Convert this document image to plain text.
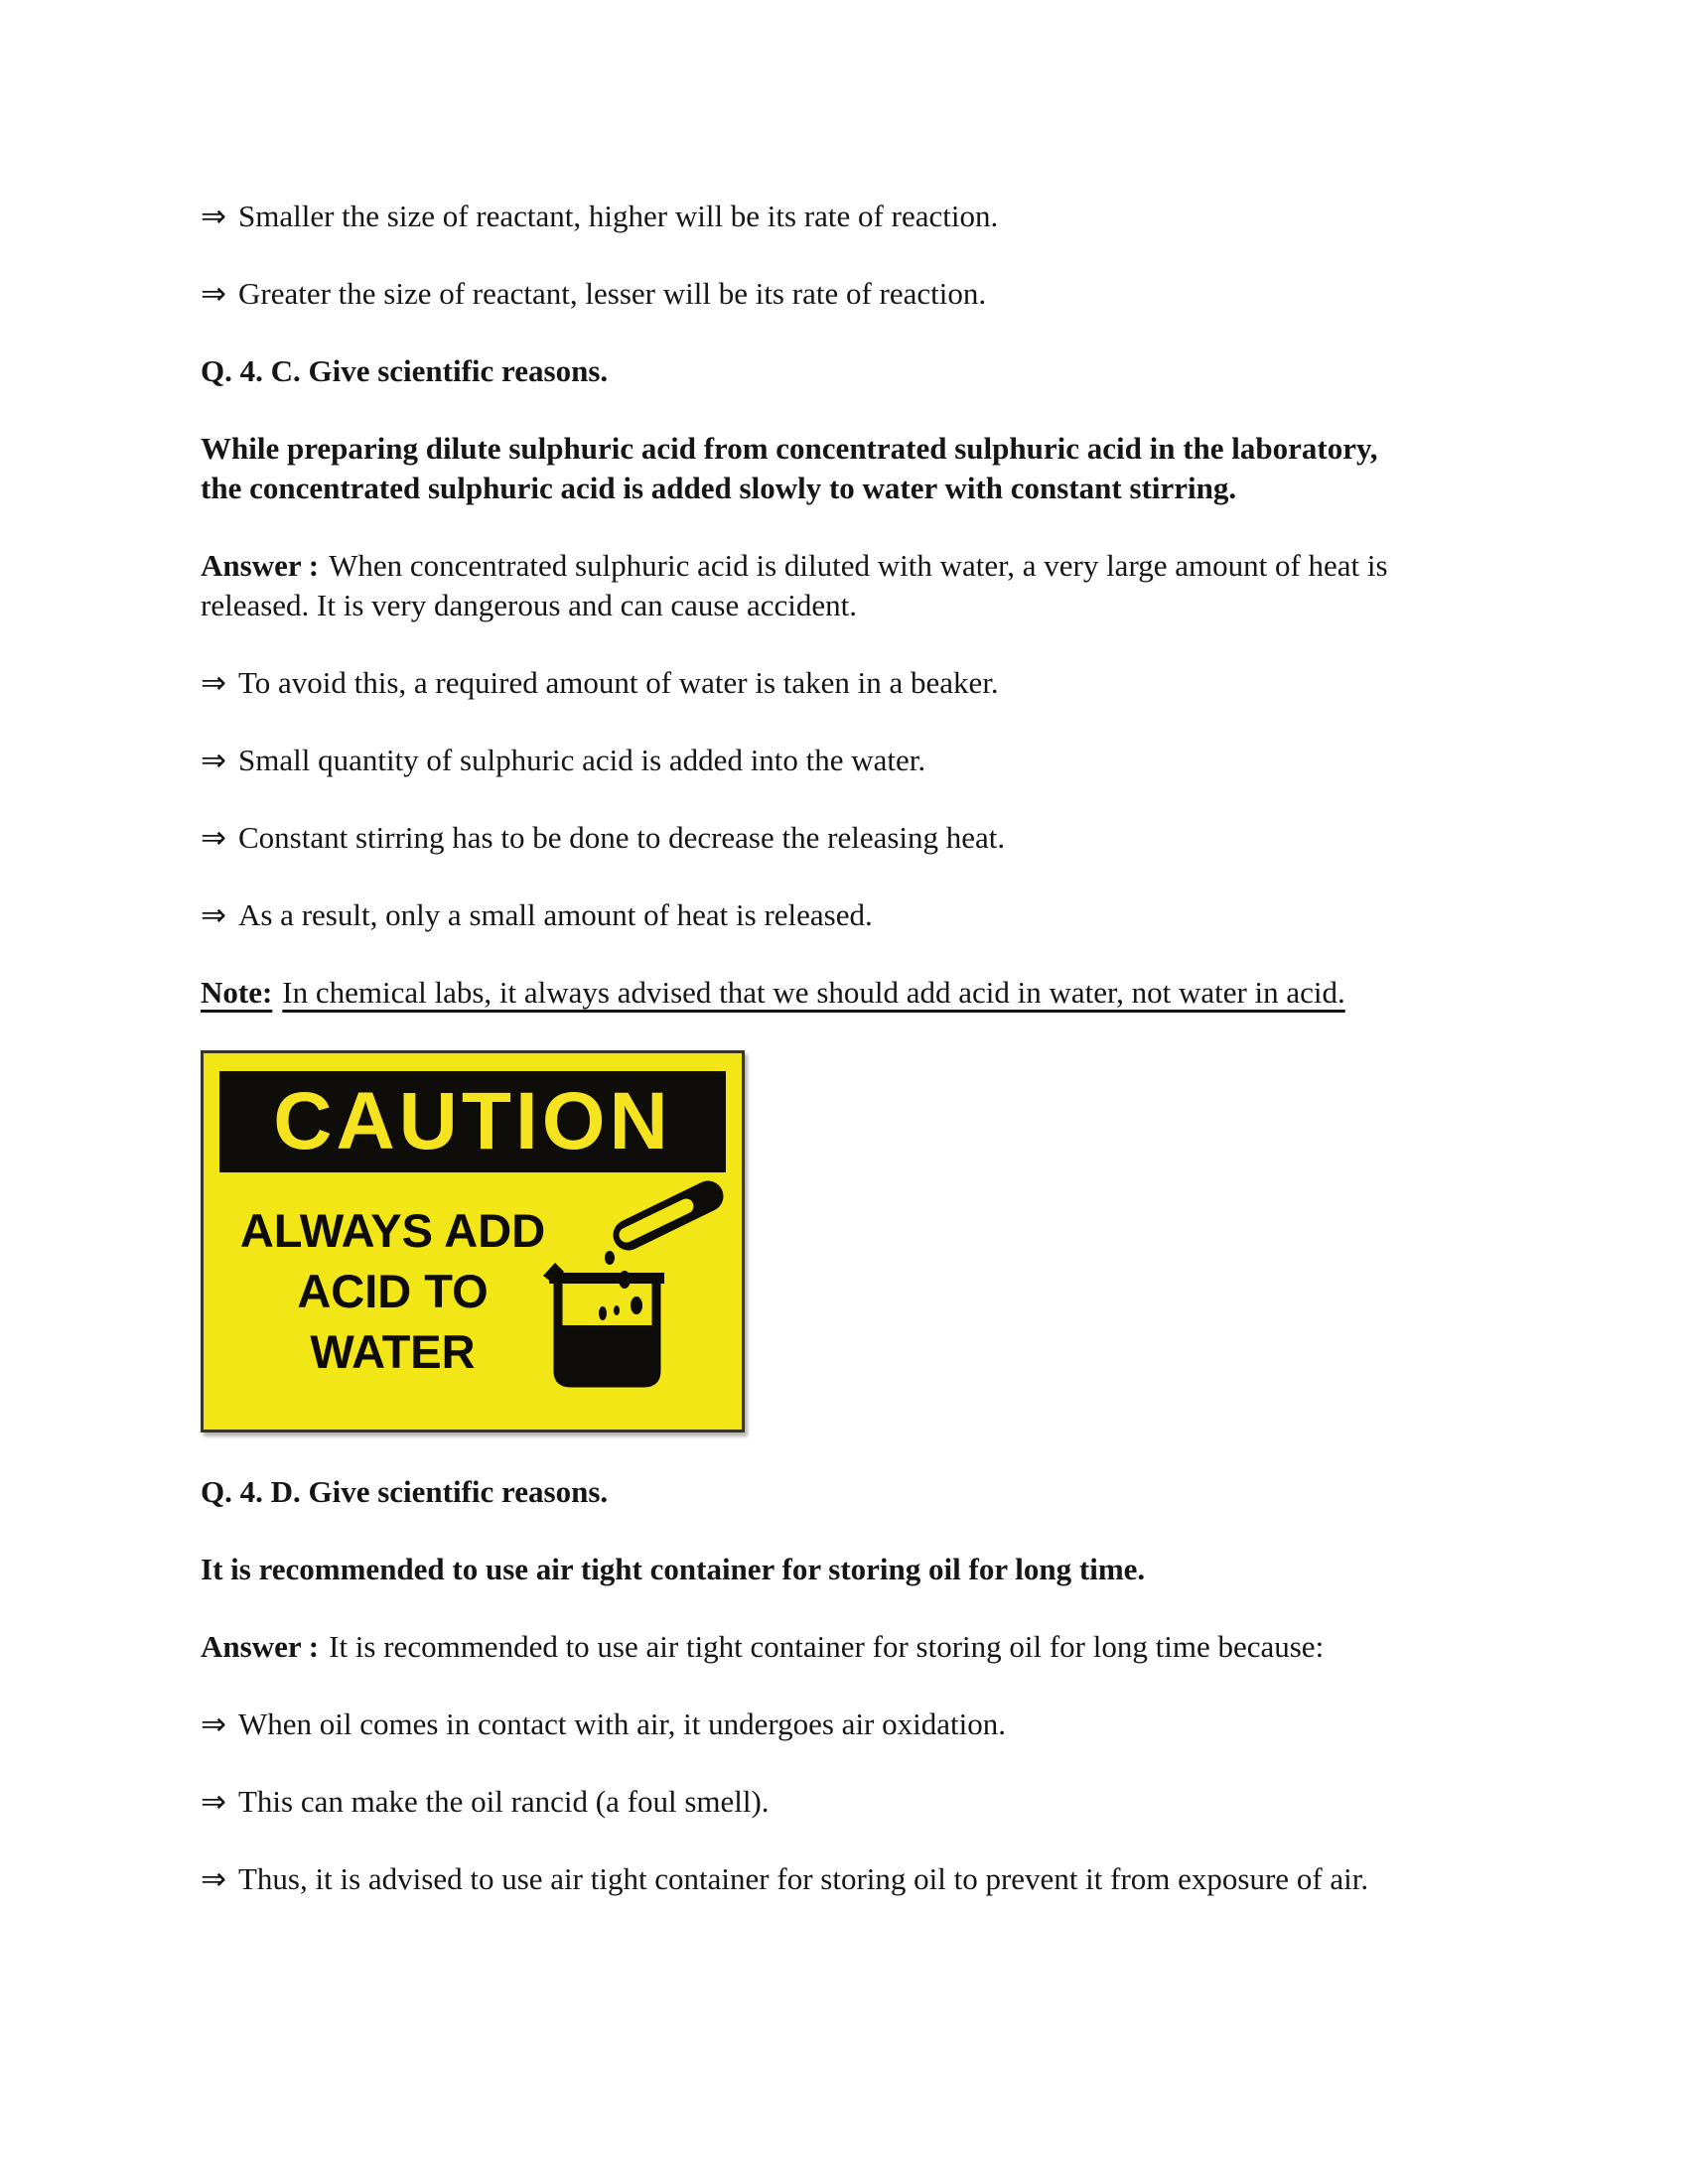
⇒ Smaller the size of reactant, higher will be its rate of reaction.

⇒ Greater the size of reactant, lesser will be its rate of reaction.

Q. 4. C. Give scientific reasons.

While preparing dilute sulphuric acid from concentrated sulphuric acid in the laboratory,
the concentrated sulphuric acid is added slowly to water with constant stirring.

Answer : When concentrated sulphuric acid is diluted with water, a very large amount of heat is
released. It is very dangerous and can cause accident.

⇒ To avoid this, a required amount of water is taken in a beaker.

⇒ Small quantity of sulphuric acid is added into the water.

⇒ Constant stirring has to be done to decrease the releasing heat.

⇒ As a result, only a small amount of heat is released.

Note: In chemical labs, it always advised that we should add acid in water, not water in acid.

CAUTION
ALWAYS ADD
ACID TO
WATER

Q. 4. D. Give scientific reasons.

It is recommended to use air tight container for storing oil for long time.

Answer : It is recommended to use air tight container for storing oil for long time because:

⇒ When oil comes in contact with air, it undergoes air oxidation.

⇒ This can make the oil rancid (a foul smell).

⇒ Thus, it is advised to use air tight container for storing oil to prevent it from exposure of air.
